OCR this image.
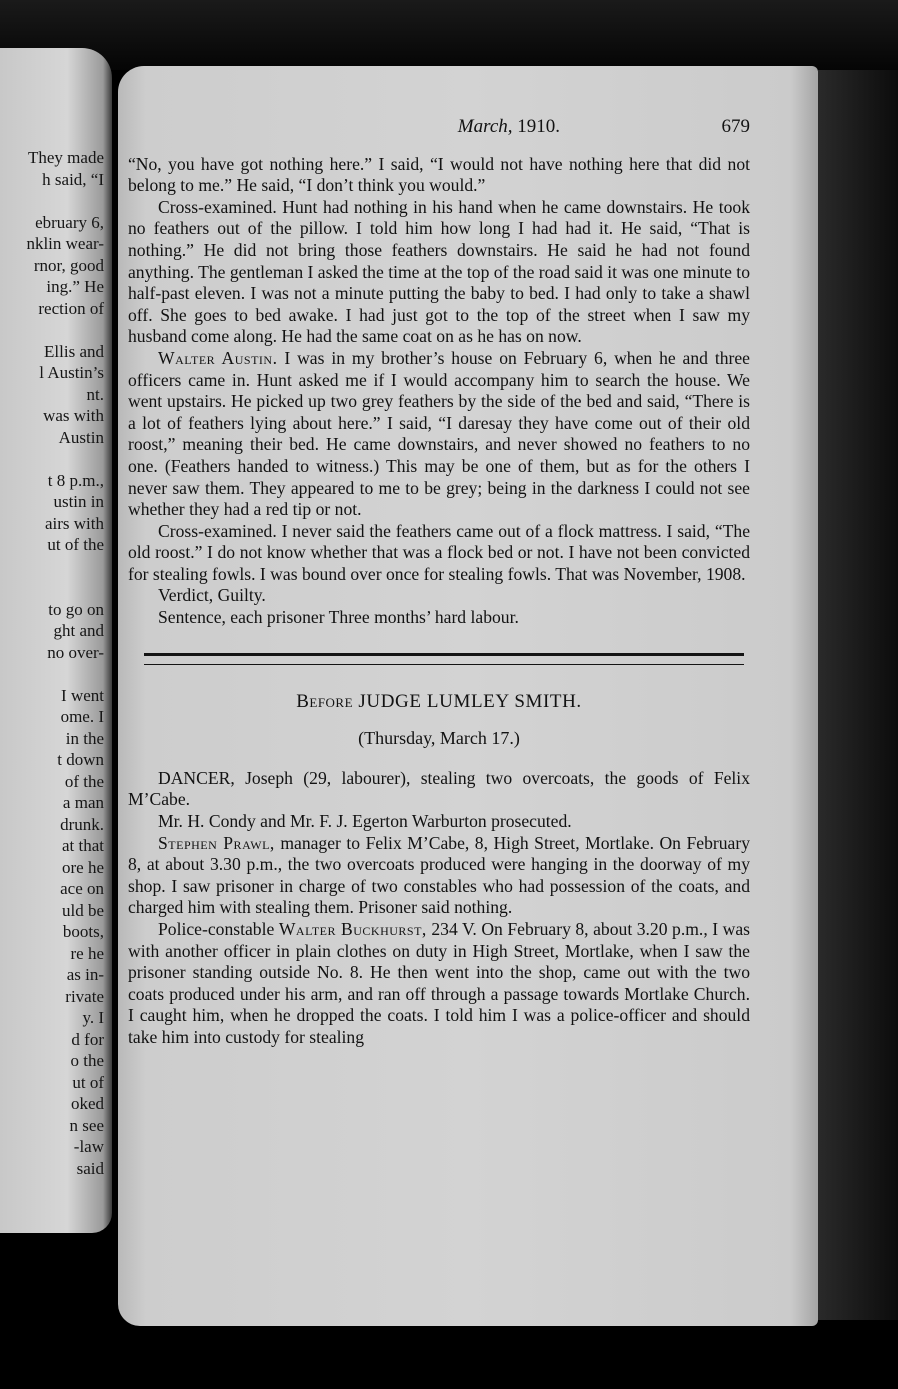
They made
h said, “I
ebruary 6,
nklin wear-
rnor, good
ing.” He
rection of
Ellis and
l Austin’s
nt.
was with
Austin
t 8 p.m.,
ustin in
airs with
ut of the
to go on
ght and
no over-
I went
ome. I
in the
t down
of the
a man
drunk.
at that
ore he
ace on
uld be
boots,
re he
as in-
rivate
y. I
d for
o the
ut of
oked
n see
-law
said
March, 1910.	679

“No, you have got nothing here.” I said, “I would not have nothing here that did not belong to me.” He said, “I don’t think you would.”

Cross-examined. Hunt had nothing in his hand when he came downstairs. He took no feathers out of the pillow. I told him how long I had had it. He said, “That is nothing.” He did not bring those feathers downstairs. He said he had not found anything. The gentleman I asked the time at the top of the road said it was one minute to half-past eleven. I was not a minute putting the baby to bed. I had only to take a shawl off. She goes to bed awake. I had just got to the top of the street when I saw my husband come along. He had the same coat on as he has on now.

Walter Austin. I was in my brother’s house on February 6, when he and three officers came in. Hunt asked me if I would accompany him to search the house. We went upstairs. He picked up two grey feathers by the side of the bed and said, “There is a lot of feathers lying about here.” I said, “I daresay they have come out of their old roost,” meaning their bed. He came downstairs, and never showed no feathers to no one. (Feathers handed to witness.) This may be one of them, but as for the others I never saw them. They appeared to me to be grey; being in the darkness I could not see whether they had a red tip or not.

Cross-examined. I never said the feathers came out of a flock mattress. I said, “The old roost.” I do not know whether that was a flock bed or not. I have not been convicted for stealing fowls. I was bound over once for stealing fowls. That was November, 1908.

Verdict, Guilty.

Sentence, each prisoner Three months’ hard labour.

Before JUDGE LUMLEY SMITH.
(Thursday, March 17.)

DANCER, Joseph (29, labourer), stealing two overcoats, the goods of Felix M’Cabe.

Mr. H. Condy and Mr. F. J. Egerton Warburton prosecuted.

Stephen Prawl, manager to Felix M’Cabe, 8, High Street, Mortlake. On February 8, at about 3.30 p.m., the two overcoats produced were hanging in the doorway of my shop. I saw prisoner in charge of two constables who had possession of the coats, and charged him with stealing them. Prisoner said nothing.

Police-constable Walter Buckhurst, 234 V. On February 8, about 3.20 p.m., I was with another officer in plain clothes on duty in High Street, Mortlake, when I saw the prisoner standing outside No. 8. He then went into the shop, came out with the two coats produced under his arm, and ran off through a passage towards Mortlake Church. I caught him, when he dropped the coats. I told him I was a police-officer and should take him into custody for stealing
